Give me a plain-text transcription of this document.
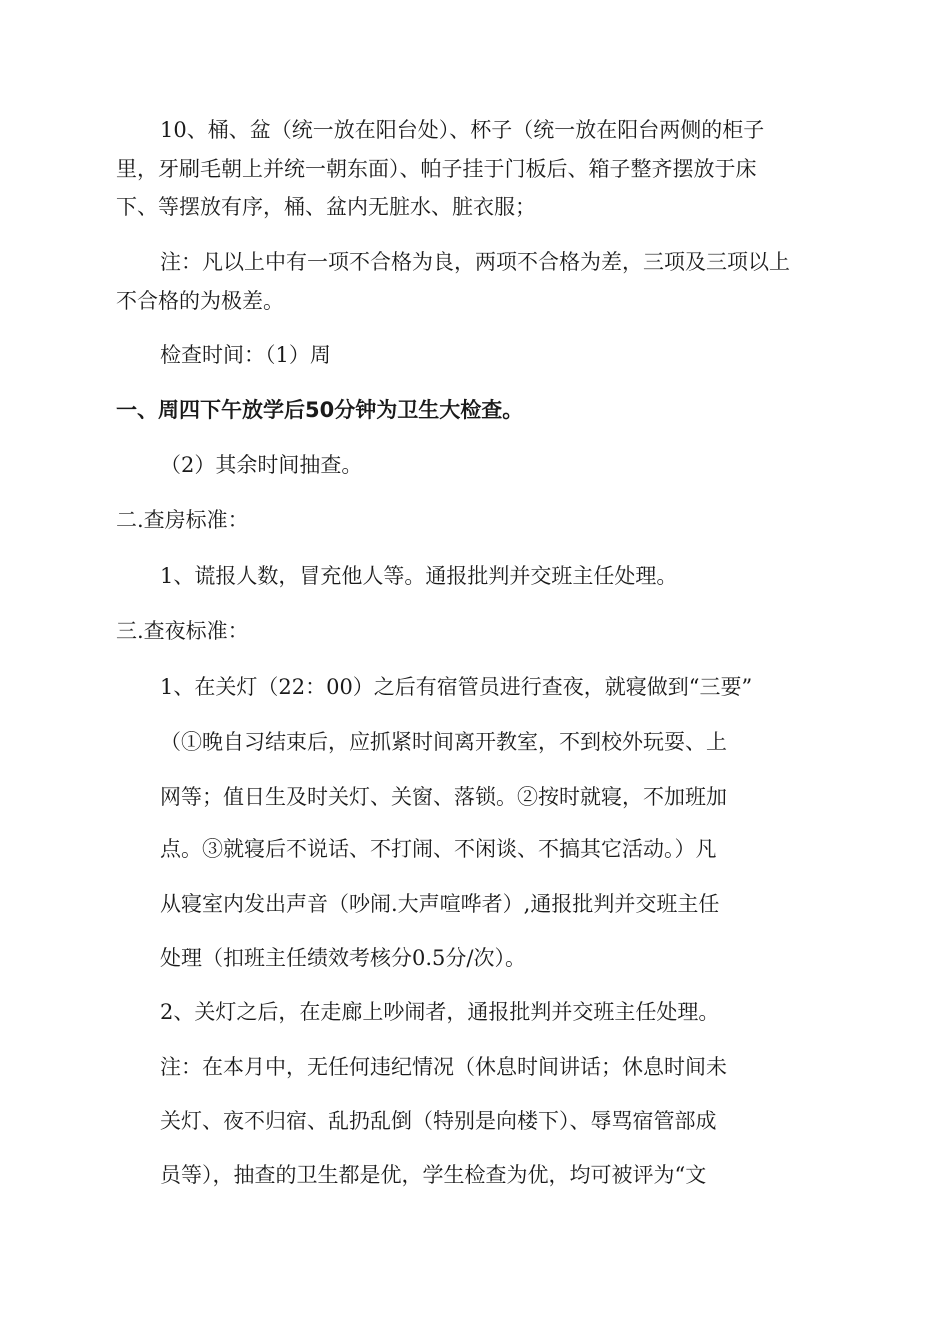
10、桶、盆（统一放在阳台处）、杯子（统一放在阳台两侧的柜子
里，牙刷毛朝上并统一朝东面）、帕子挂于门板后、箱子整齐摆放于床
下、等摆放有序，桶、盆内无脏水、脏衣服；
注：凡以上中有一项不合格为良，两项不合格为差，三项及三项以上
不合格的为极差。
检查时间：（1）周
一、周四下午放学后50分钟为卫生大检查。
（2）其余时间抽查。
二.查房标准：
1、谎报人数，冒充他人等。通报批判并交班主任处理。
三.查夜标准：
1、在关灯（22：00）之后有宿管员进行查夜，就寝做到“三要”
（①晚自习结束后，应抓紧时间离开教室，不到校外玩耍、上
网等；值日生及时关灯、关窗、落锁。②按时就寝，不加班加
点。③就寝后不说话、不打闹、不闲谈、不搞其它活动。）凡
从寝室内发出声音（吵闹.大声喧哗者）,通报批判并交班主任
处理（扣班主任绩效考核分0.5分/次）。
2、关灯之后，在走廊上吵闹者，通报批判并交班主任处理。
注：在本月中，无任何违纪情况（休息时间讲话；休息时间未
关灯、夜不归宿、乱扔乱倒（特别是向楼下）、辱骂宿管部成
员等），抽查的卫生都是优，学生检查为优，均可被评为“文
